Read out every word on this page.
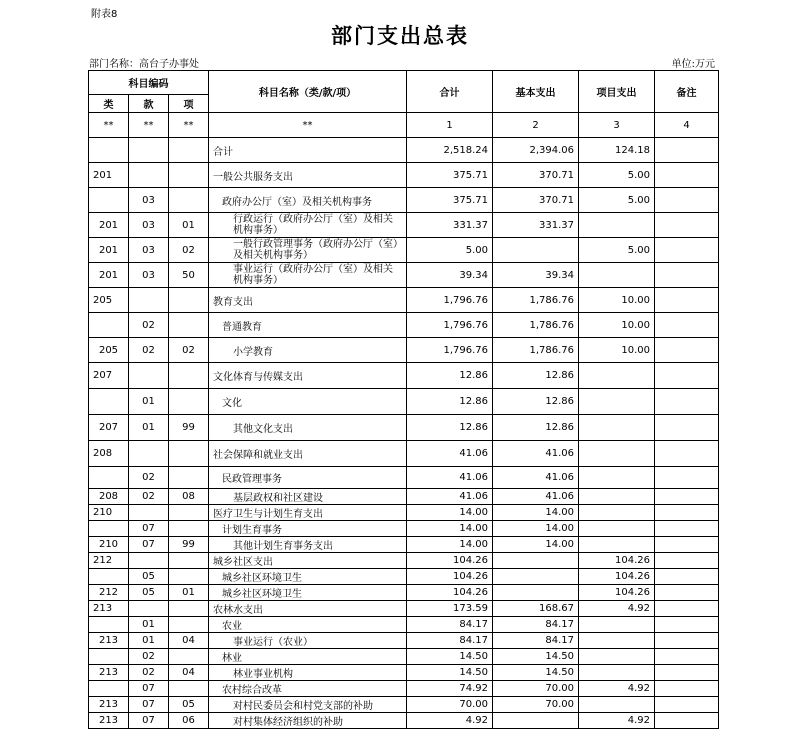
附表8
部门支出总表
部门名称：高台子办事处	单位:万元
科目编码			科目名称（类/款/项）	合计	基本支出	项目支出	备注
类	款	项					
**	**	**	**	1	2	3	4
			合计	2,518.24	2,394.06	124.18	
201			一般公共服务支出	375.71	370.71	5.00	
	03		政府办公厅（室）及相关机构事务	375.71	370.71	5.00	
201	03	01	行政运行（政府办公厅（室）及相关机构事务）	331.37	331.37		
201	03	02	一般行政管理事务（政府办公厅（室）及相关机构事务）	5.00		5.00	
201	03	50	事业运行（政府办公厅（室）及相关机构事务）	39.34	39.34		
205			教育支出	1,796.76	1,786.76	10.00	
	02		普通教育	1,796.76	1,786.76	10.00	
205	02	02	小学教育	1,796.76	1,786.76	10.00	
207			文化体育与传媒支出	12.86	12.86		
	01		文化	12.86	12.86		
207	01	99	其他文化支出	12.86	12.86		
208			社会保障和就业支出	41.06	41.06		
	02		民政管理事务	41.06	41.06		
208	02	08	基层政权和社区建设	41.06	41.06		
210			医疗卫生与计划生育支出	14.00	14.00		
	07		计划生育事务	14.00	14.00		
210	07	99	其他计划生育事务支出	14.00	14.00		
212			城乡社区支出	104.26		104.26	
	05		城乡社区环境卫生	104.26		104.26	
212	05	01	城乡社区环境卫生	104.26		104.26	
213			农林水支出	173.59	168.67	4.92	
	01		农业	84.17	84.17		
213	01	04	事业运行（农业）	84.17	84.17		
	02		林业	14.50	14.50		
213	02	04	林业事业机构	14.50	14.50		
	07		农村综合改革	74.92	70.00	4.92	
213	07	05	对村民委员会和村党支部的补助	70.00	70.00		
213	07	06	对村集体经济组织的补助	4.92		4.92	
